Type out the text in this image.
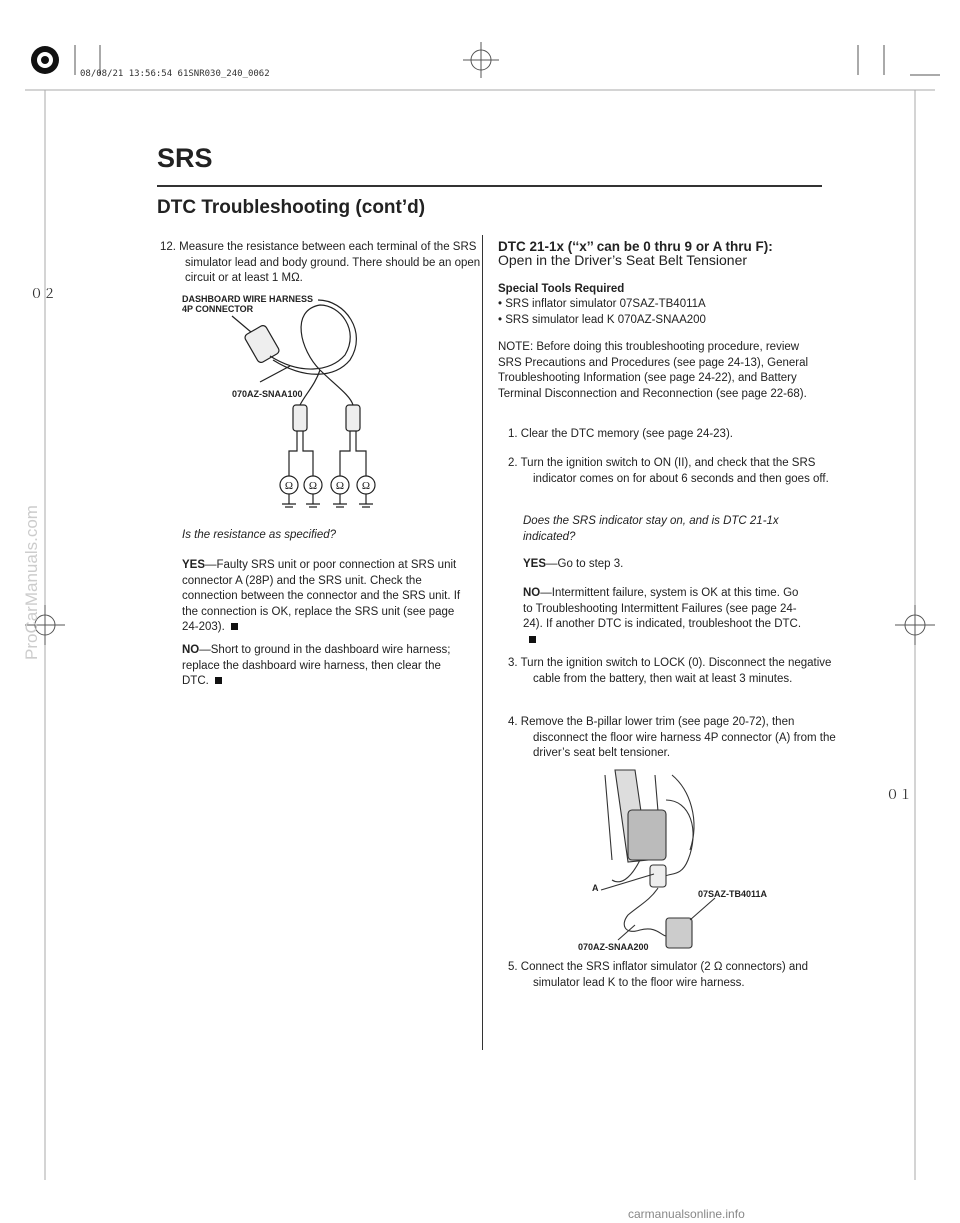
08/08/21 13:56:54 61SNR030_240_0062
SRS
DTC Troubleshooting (cont’d)
０２
０１
12. Measure the resistance between each terminal of the SRS simulator lead and body ground. There should be an open circuit or at least 1 MΩ.
DASHBOARD WIRE HARNESS
4P CONNECTOR
070AZ-SNAA100
Ω Ω Ω Ω
Is the resistance as specified?
YES—Faulty SRS unit or poor connection at SRS unit connector A (28P) and the SRS unit. Check the connection between the connector and the SRS unit. If the connection is OK, replace the SRS unit (see page 24-203).
NO—Short to ground in the dashboard wire harness; replace the dashboard wire harness, then clear the DTC.
DTC 21-1x (‘‘x’’ can be 0 thru 9 or A thru F):
Open in the Driver’s Seat Belt Tensioner
Special Tools Required
• SRS inflator simulator 07SAZ-TB4011A
• SRS simulator lead K 070AZ-SNAA200
NOTE: Before doing this troubleshooting procedure, review SRS Precautions and Procedures (see page 24-13), General Troubleshooting Information (see page 24-22), and Battery Terminal Disconnection and Reconnection (see page 22-68).
1. Clear the DTC memory (see page 24-23).
2. Turn the ignition switch to ON (II), and check that the SRS indicator comes on for about 6 seconds and then goes off.
Does the SRS indicator stay on, and is DTC 21-1x indicated?
YES—Go to step 3.
NO—Intermittent failure, system is OK at this time. Go to Troubleshooting Intermittent Failures (see page 24-24). If another DTC is indicated, troubleshoot the DTC.
3. Turn the ignition switch to LOCK (0). Disconnect the negative cable from the battery, then wait at least 3 minutes.
4. Remove the B-pillar lower trim (see page 20-72), then disconnect the floor wire harness 4P connector (A) from the driver’s seat belt tensioner.
A
07SAZ-TB4011A
070AZ-SNAA200
5. Connect the SRS inflator simulator (2 Ω connectors) and simulator lead K to the floor wire harness.
ProCarManuals.com
carmanualsonline.info
